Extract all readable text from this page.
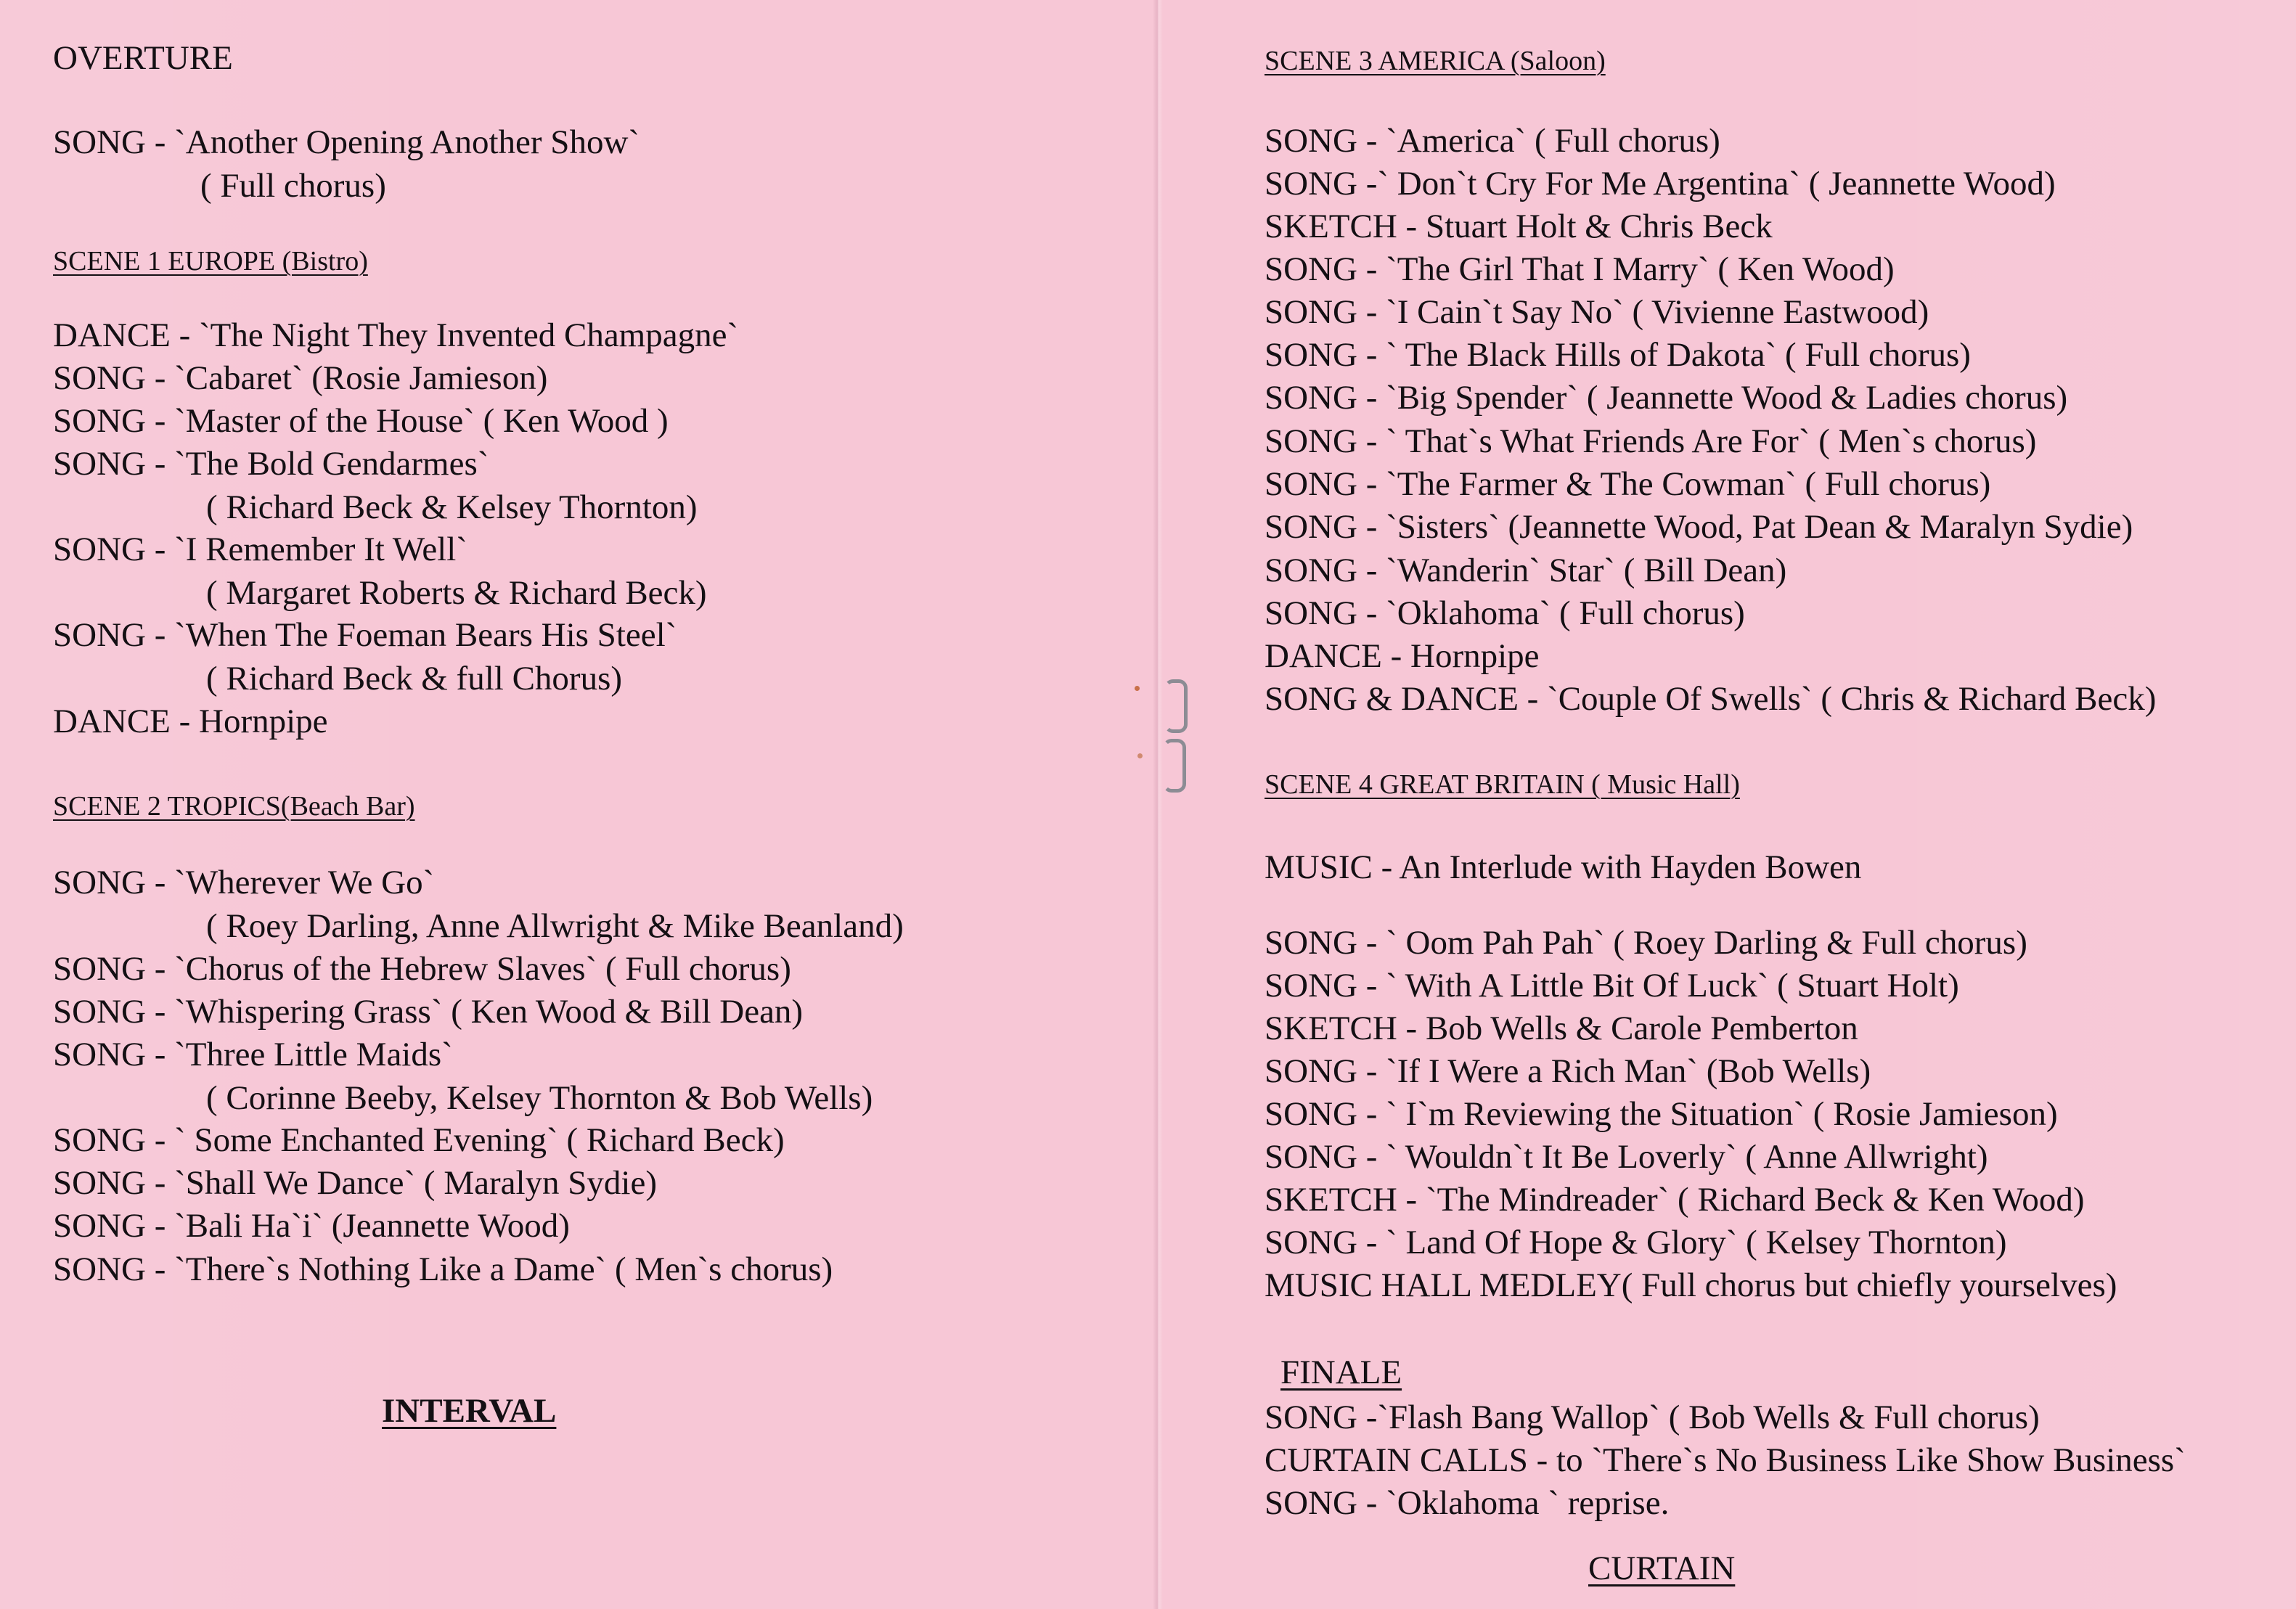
OVERTURE
SONG - `Another Opening Another Show`
( Full chorus)
SCENE 1 EUROPE (Bistro)
DANCE - `The Night They Invented Champagne`
SONG - `Cabaret` (Rosie Jamieson)
SONG - `Master of the House` ( Ken Wood )
SONG - `The Bold Gendarmes`
( Richard Beck & Kelsey Thornton)
SONG - `I Remember It Well`
( Margaret Roberts & Richard Beck)
SONG - `When The Foeman Bears His Steel`
( Richard Beck & full Chorus)
DANCE - Hornpipe
SCENE 2 TROPICS(Beach Bar)
SONG - `Wherever We Go`
( Roey Darling, Anne Allwright & Mike Beanland)
SONG - `Chorus of the Hebrew Slaves` ( Full chorus)
SONG - `Whispering Grass` ( Ken Wood & Bill Dean)
SONG - `Three Little Maids`
( Corinne Beeby, Kelsey Thornton & Bob Wells)
SONG - ` Some Enchanted Evening` ( Richard Beck)
SONG - `Shall We Dance` ( Maralyn Sydie)
SONG - `Bali Ha`i` (Jeannette Wood)
SONG - `There`s Nothing Like a Dame` ( Men`s chorus)
INTERVAL
SCENE 3 AMERICA (Saloon)
SONG - `America` ( Full chorus)
SONG -` Don`t Cry For Me Argentina` ( Jeannette Wood)
SKETCH - Stuart Holt & Chris Beck
SONG - `The Girl That I Marry` ( Ken Wood)
SONG - `I Cain`t Say No` ( Vivienne Eastwood)
SONG - ` The Black Hills of Dakota` ( Full chorus)
SONG - `Big Spender` ( Jeannette Wood & Ladies chorus)
SONG - ` That`s What Friends Are For` ( Men`s chorus)
SONG - `The Farmer & The Cowman` ( Full chorus)
SONG - `Sisters` (Jeannette Wood, Pat Dean & Maralyn Sydie)
SONG - `Wanderin` Star` ( Bill Dean)
SONG - `Oklahoma` ( Full chorus)
DANCE - Hornpipe
SONG & DANCE - `Couple Of Swells` ( Chris & Richard Beck)
SCENE 4 GREAT BRITAIN ( Music Hall)
MUSIC - An Interlude with Hayden Bowen
SONG - ` Oom Pah Pah` ( Roey Darling & Full chorus)
SONG - ` With A Little Bit Of Luck` ( Stuart Holt)
SKETCH - Bob Wells & Carole Pemberton
SONG - `If I Were a Rich Man` (Bob Wells)
SONG - ` I`m Reviewing the Situation` ( Rosie Jamieson)
SONG - ` Wouldn`t It Be Loverly` ( Anne Allwright)
SKETCH - `The Mindreader` ( Richard Beck & Ken Wood)
SONG - ` Land Of Hope & Glory` ( Kelsey Thornton)
MUSIC HALL MEDLEY( Full chorus but chiefly yourselves)
FINALE
SONG -`Flash Bang Wallop` ( Bob Wells & Full chorus)
CURTAIN CALLS - to `There`s No Business Like Show Business`
SONG - `Oklahoma ` reprise.
CURTAIN
